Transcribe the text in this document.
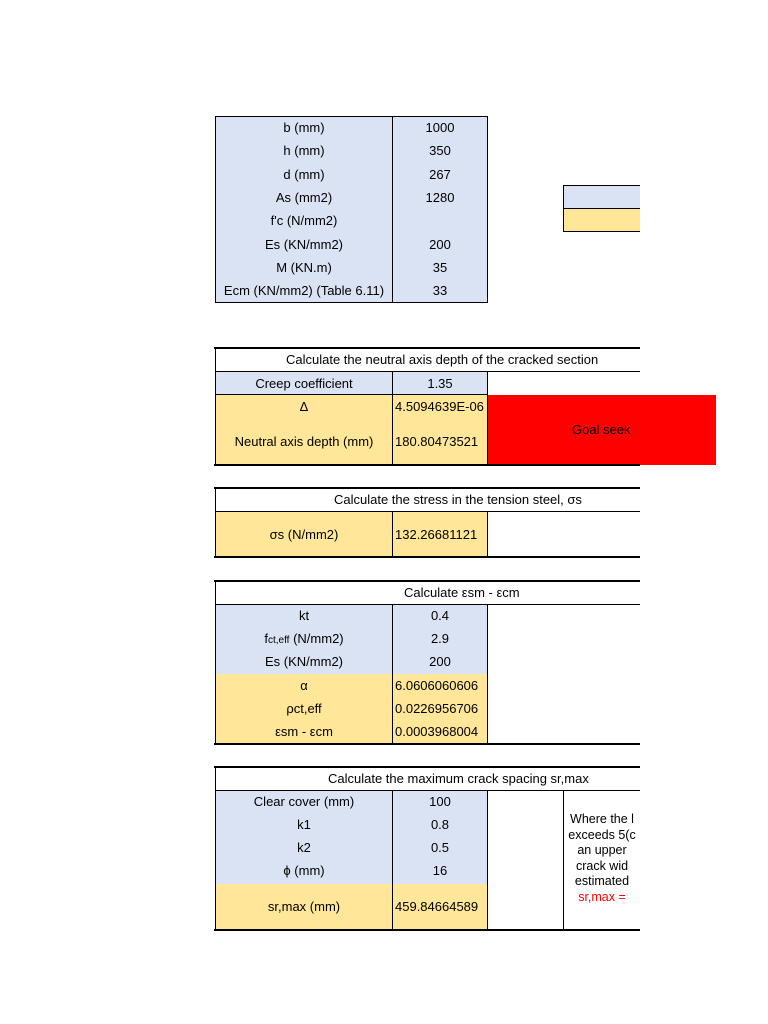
b (mm)	1000
h (mm)	350
d (mm)	267
As (mm2)	1280
f'c (N/mm2)
Es (KN/mm2)	200
M (KN.m)	35
Ecm (KN/mm2) (Table 6.11)	33
Calculate the neutral axis depth of the cracked section
Creep coefficient	1.35
Δ	4.5094639E-06
Neutral axis depth (mm)	180.80473521
Goal seek
Calculate the stress in the tension steel, σs
σs (N/mm2)	132.26681121
Calculate εsm - εcm
kt	0.4
f ct,eff (N/mm2)	2.9
Es (KN/mm2)	200
α	6.0606060606
ρct,eff	0.0226956706
εsm - εcm	0.0003968004
Calculate the maximum crack spacing sr,max
Clear cover (mm)	100
k1	0.8
k2	0.5
ϕ (mm)	16
sr,max (mm)	459.84664589
Where the l
exceeds 5(c
an upper
crack wid
estimated
sr,max =
